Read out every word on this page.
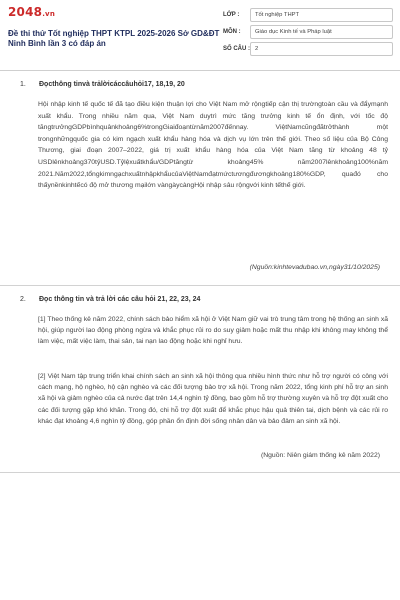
2048.vn
Đề thi thử Tốt nghiệp THPT KTPL 2025-2026 Sở GD&ĐT Ninh Bình lần 3 có đáp án
LỚP :	Tốt nghiệp THPT
MÔN :	Giáo dục Kinh tế và Pháp luật
SỐ CÂU : 2
1. Đọcthông tinvà trảlờicáccâuhỏi17, 18,19, 20
Hội nhập kinh tế quốc tế đã tạo điều kiện thuận lợi cho Việt Nam mở rộngtiếp cận thị trườngtoàn cầu và đẩymạnh xuất khẩu. Trong nhiều năm qua, Việt Nam duytrì mức tăng trưởng kinh tế ổn định, với tốc độ tăngtrưởngGDPbìnhquânkhoảng6%trongGiaiđoạntừnăm2007đếnnay. ViệtNamcũngđãtrởthành một trongnhữngquốc gia có kim ngạch xuất khẩu hàng hóa và dịch vụ lớn trên thế giới. Theo số liệu của Bộ Công Thương, giai đoạn 2007–2022, giá trị xuất khẩu hàng hóa của Việt Nam tăng từ khoảng 48 tỷ USDlênkhoảng370tỷUSD.Tỷlệxuấtkhẩu/GDPtăngtừ khoảng45% năm2007lênkhoảng100%năm 2021.Năm2022,tổngkimngạchxuấtnhậpkhẩucủaViệtNamđạtmứctươngđươngkhoảng180%GDP, quađó cho thấynềnkinhtếcó độ mở thương mạilớn vàngàycàngHội nhập sâu rộngvới kinh tếthế giới.
(Nguồn:kinhtevadubao.vn,ngày31/10/2025)
2. Đọc thông tin và trả lời các câu hỏi 21, 22, 23, 24
[1] Theo thống kê năm 2022, chính sách bảo hiểm xã hội ở Việt Nam giữ vai trò trung tâm trong hệ thống an sinh xã hội, giúp người lao động phòng ngừa và khắc phục rủi ro do suy giảm hoặc mất thu nhập khi không may không thể làm việc, mất việc làm, thai sản, tai nạn lao động hoặc khi nghỉ hưu.
[2] Việt Nam tập trung triển khai chính sách an sinh xã hội thông qua nhiều hình thức như hỗ trợ người có công với cách mạng, hộ nghèo, hộ cận nghèo và các đối tượng bảo trợ xã hội. Trong năm 2022, tổng kinh phí hỗ trợ an sinh xã hội và giảm nghèo của cả nước đạt trên 14,4 nghìn tỷ đồng, bao gồm hỗ trợ thường xuyên và hỗ trợ đột xuất cho các đối tượng gặp khó khăn. Trong đó, chi hỗ trợ đột xuất để khắc phục hậu quả thiên tai, dịch bệnh và các rủi ro khác đạt khoảng 4,6 nghìn tỷ đồng, góp phần ổn định đời sống nhân dân và bảo đảm an sinh xã hội.
(Nguồn: Niên giám thống kê năm 2022)
